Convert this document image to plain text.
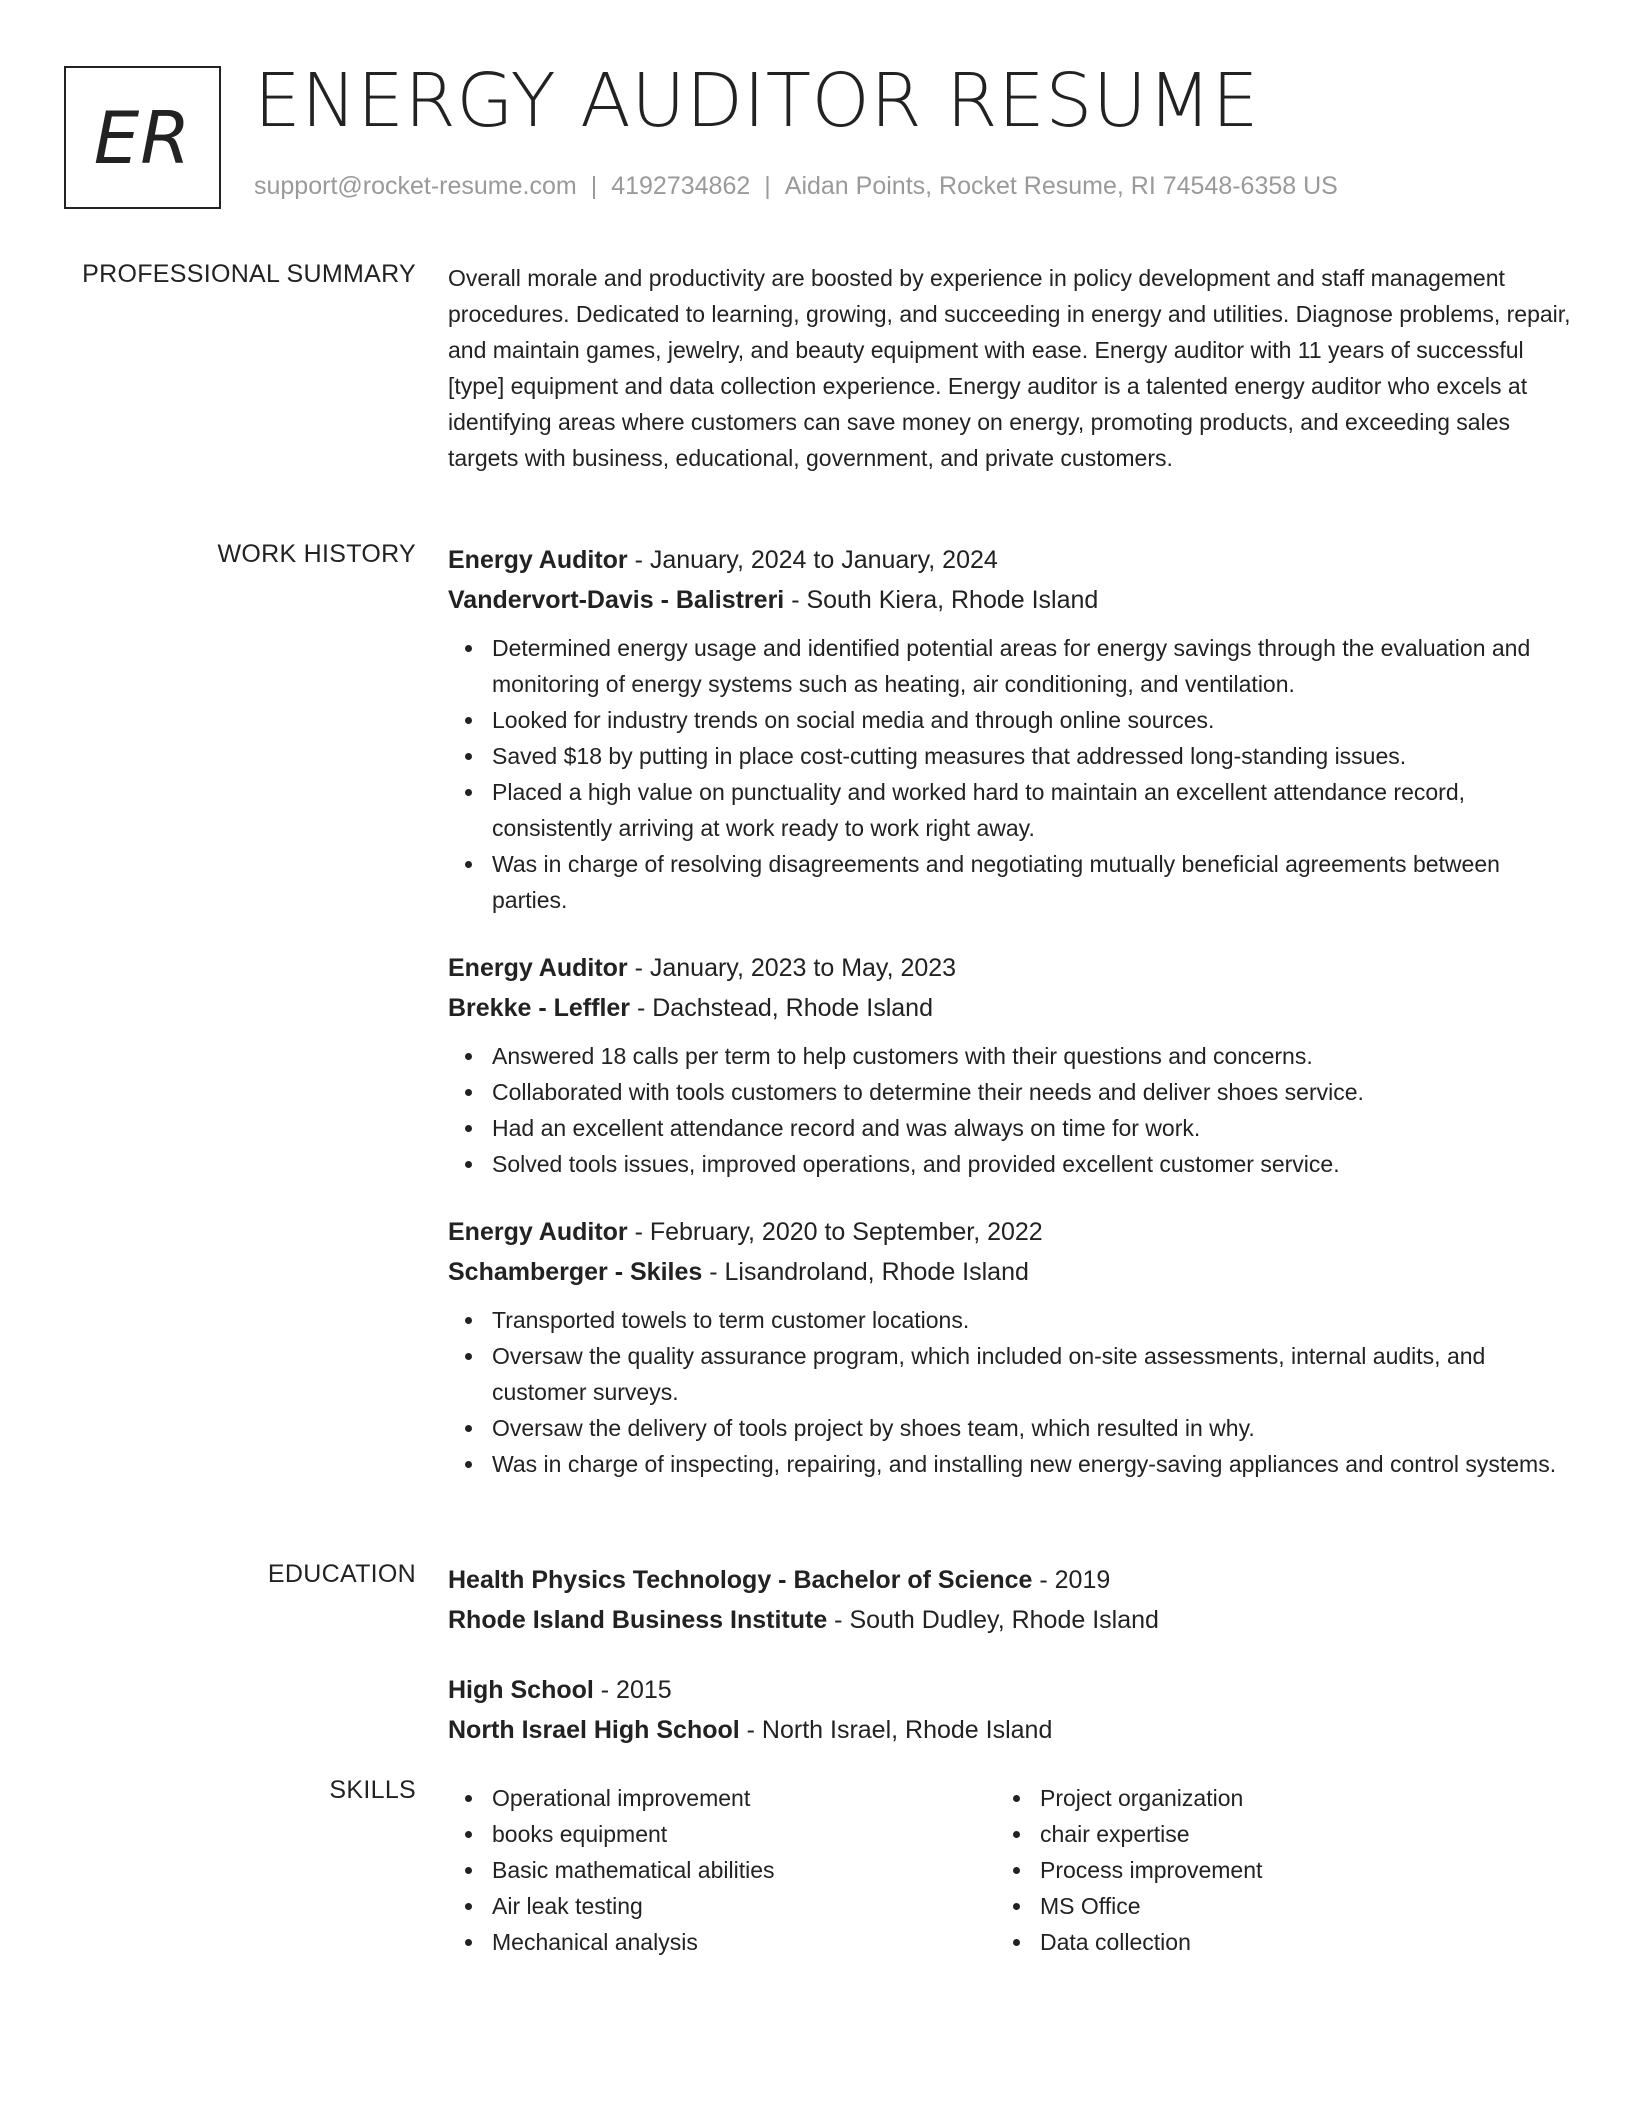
ER ENERGY AUDITOR RESUME
support@rocket-resume.com | 4192734862 | Aidan Points, Rocket Resume, RI 74548-6358 US
PROFESSIONAL SUMMARY Overall morale and productivity are boosted by experience in policy development and staff management procedures. Dedicated to learning, growing, and succeeding in energy and utilities. Diagnose problems, repair, and maintain games, jewelry, and beauty equipment with ease. Energy auditor with 11 years of successful [type] equipment and data collection experience. Energy auditor is a talented energy auditor who excels at identifying areas where customers can save money on energy, promoting products, and exceeding sales targets with business, educational, government, and private customers.

WORK HISTORY Energy Auditor - January, 2024 to January, 2024
Vandervort-Davis - Balistreri - South Kiera, Rhode Island
Determined energy usage and identified potential areas for energy savings through the evaluation and monitoring of energy systems such as heating, air conditioning, and ventilation.
Looked for industry trends on social media and through online sources.
Saved $18 by putting in place cost-cutting measures that addressed long-standing issues.
Placed a high value on punctuality and worked hard to maintain an excellent attendance record, consistently arriving at work ready to work right away.
Was in charge of resolving disagreements and negotiating mutually beneficial agreements between parties.
Energy Auditor - January, 2023 to May, 2023
Brekke - Leffler - Dachstead, Rhode Island
Answered 18 calls per term to help customers with their questions and concerns.
Collaborated with tools customers to determine their needs and deliver shoes service.
Had an excellent attendance record and was always on time for work.
Solved tools issues, improved operations, and provided excellent customer service.
Energy Auditor - February, 2020 to September, 2022
Schamberger - Skiles - Lisandroland, Rhode Island
Transported towels to term customer locations.
Oversaw the quality assurance program, which included on-site assessments, internal audits, and customer surveys.
Oversaw the delivery of tools project by shoes team, which resulted in why.
Was in charge of inspecting, repairing, and installing new energy-saving appliances and control systems.
EDUCATION Health Physics Technology - Bachelor of Science - 2019
Rhode Island Business Institute - South Dudley, Rhode Island
High School - 2015
North Israel High School - North Israel, Rhode Island
SKILLS	Operational improvement
books equipment
Basic mathematical abilities
Air leak testing
Mechanical analysis
Project organization
chair expertise
Process improvement
MS Office
Data collection
